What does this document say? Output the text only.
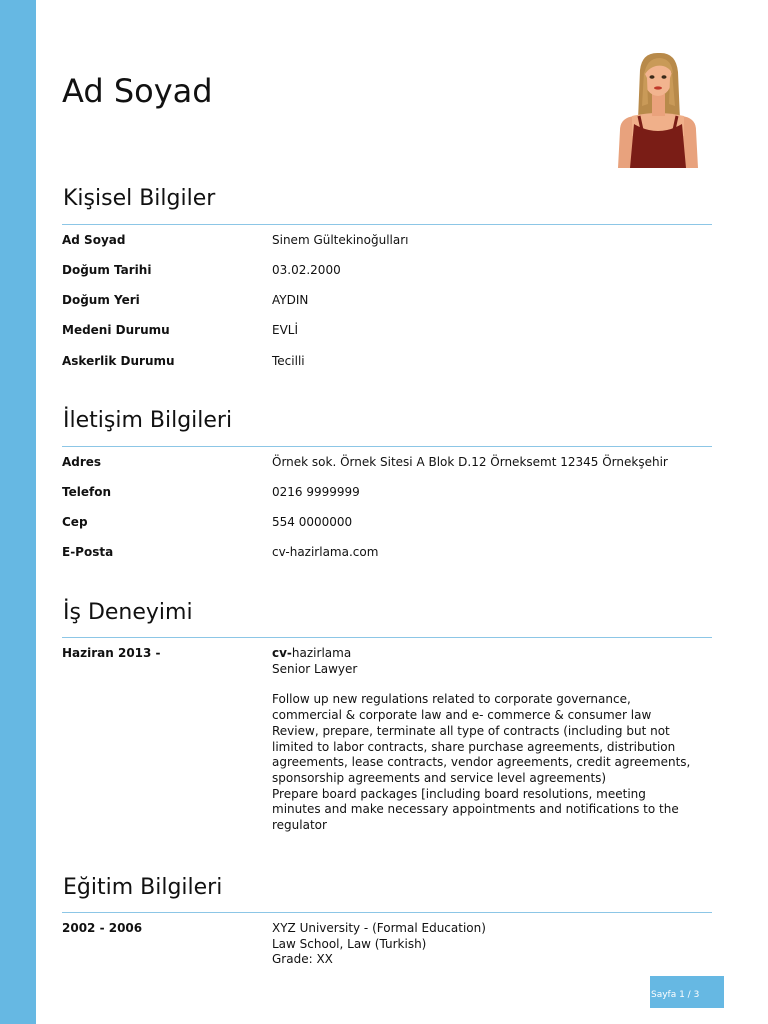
Ad Soyad
Kişisel Bilgiler
Ad Soyad	Sinem Gültekinoğulları
Doğum Tarihi	03.02.2000
Doğum Yeri	AYDIN
Medeni Durumu	EVLİ
Askerlik Durumu	Tecilli
İletişim Bilgileri
Adres	Örnek sok. Örnek Sitesi A Blok D.12 Örneksemt 12345 Örnekşehir
Telefon	0216 9999999
Cep	554 0000000
E-Posta	cv-hazirlama.com
İş Deneyimi
Haziran 2013 -	cv-hazirlama
Senior Lawyer
Follow up new regulations related to corporate governance,
commercial & corporate law and e- commerce & consumer law
Review, prepare, terminate all type of contracts (including but not
limited to labor contracts, share purchase agreements, distribution
agreements, lease contracts, vendor agreements, credit agreements,
sponsorship agreements and service level agreements)
Prepare board packages [including board resolutions, meeting
minutes and make necessary appointments and notifications to the
regulator
Eğitim Bilgileri
2002 - 2006	XYZ University - (Formal Education)
Law School, Law (Turkish)
Grade: XX
Sayfa 1 / 3
